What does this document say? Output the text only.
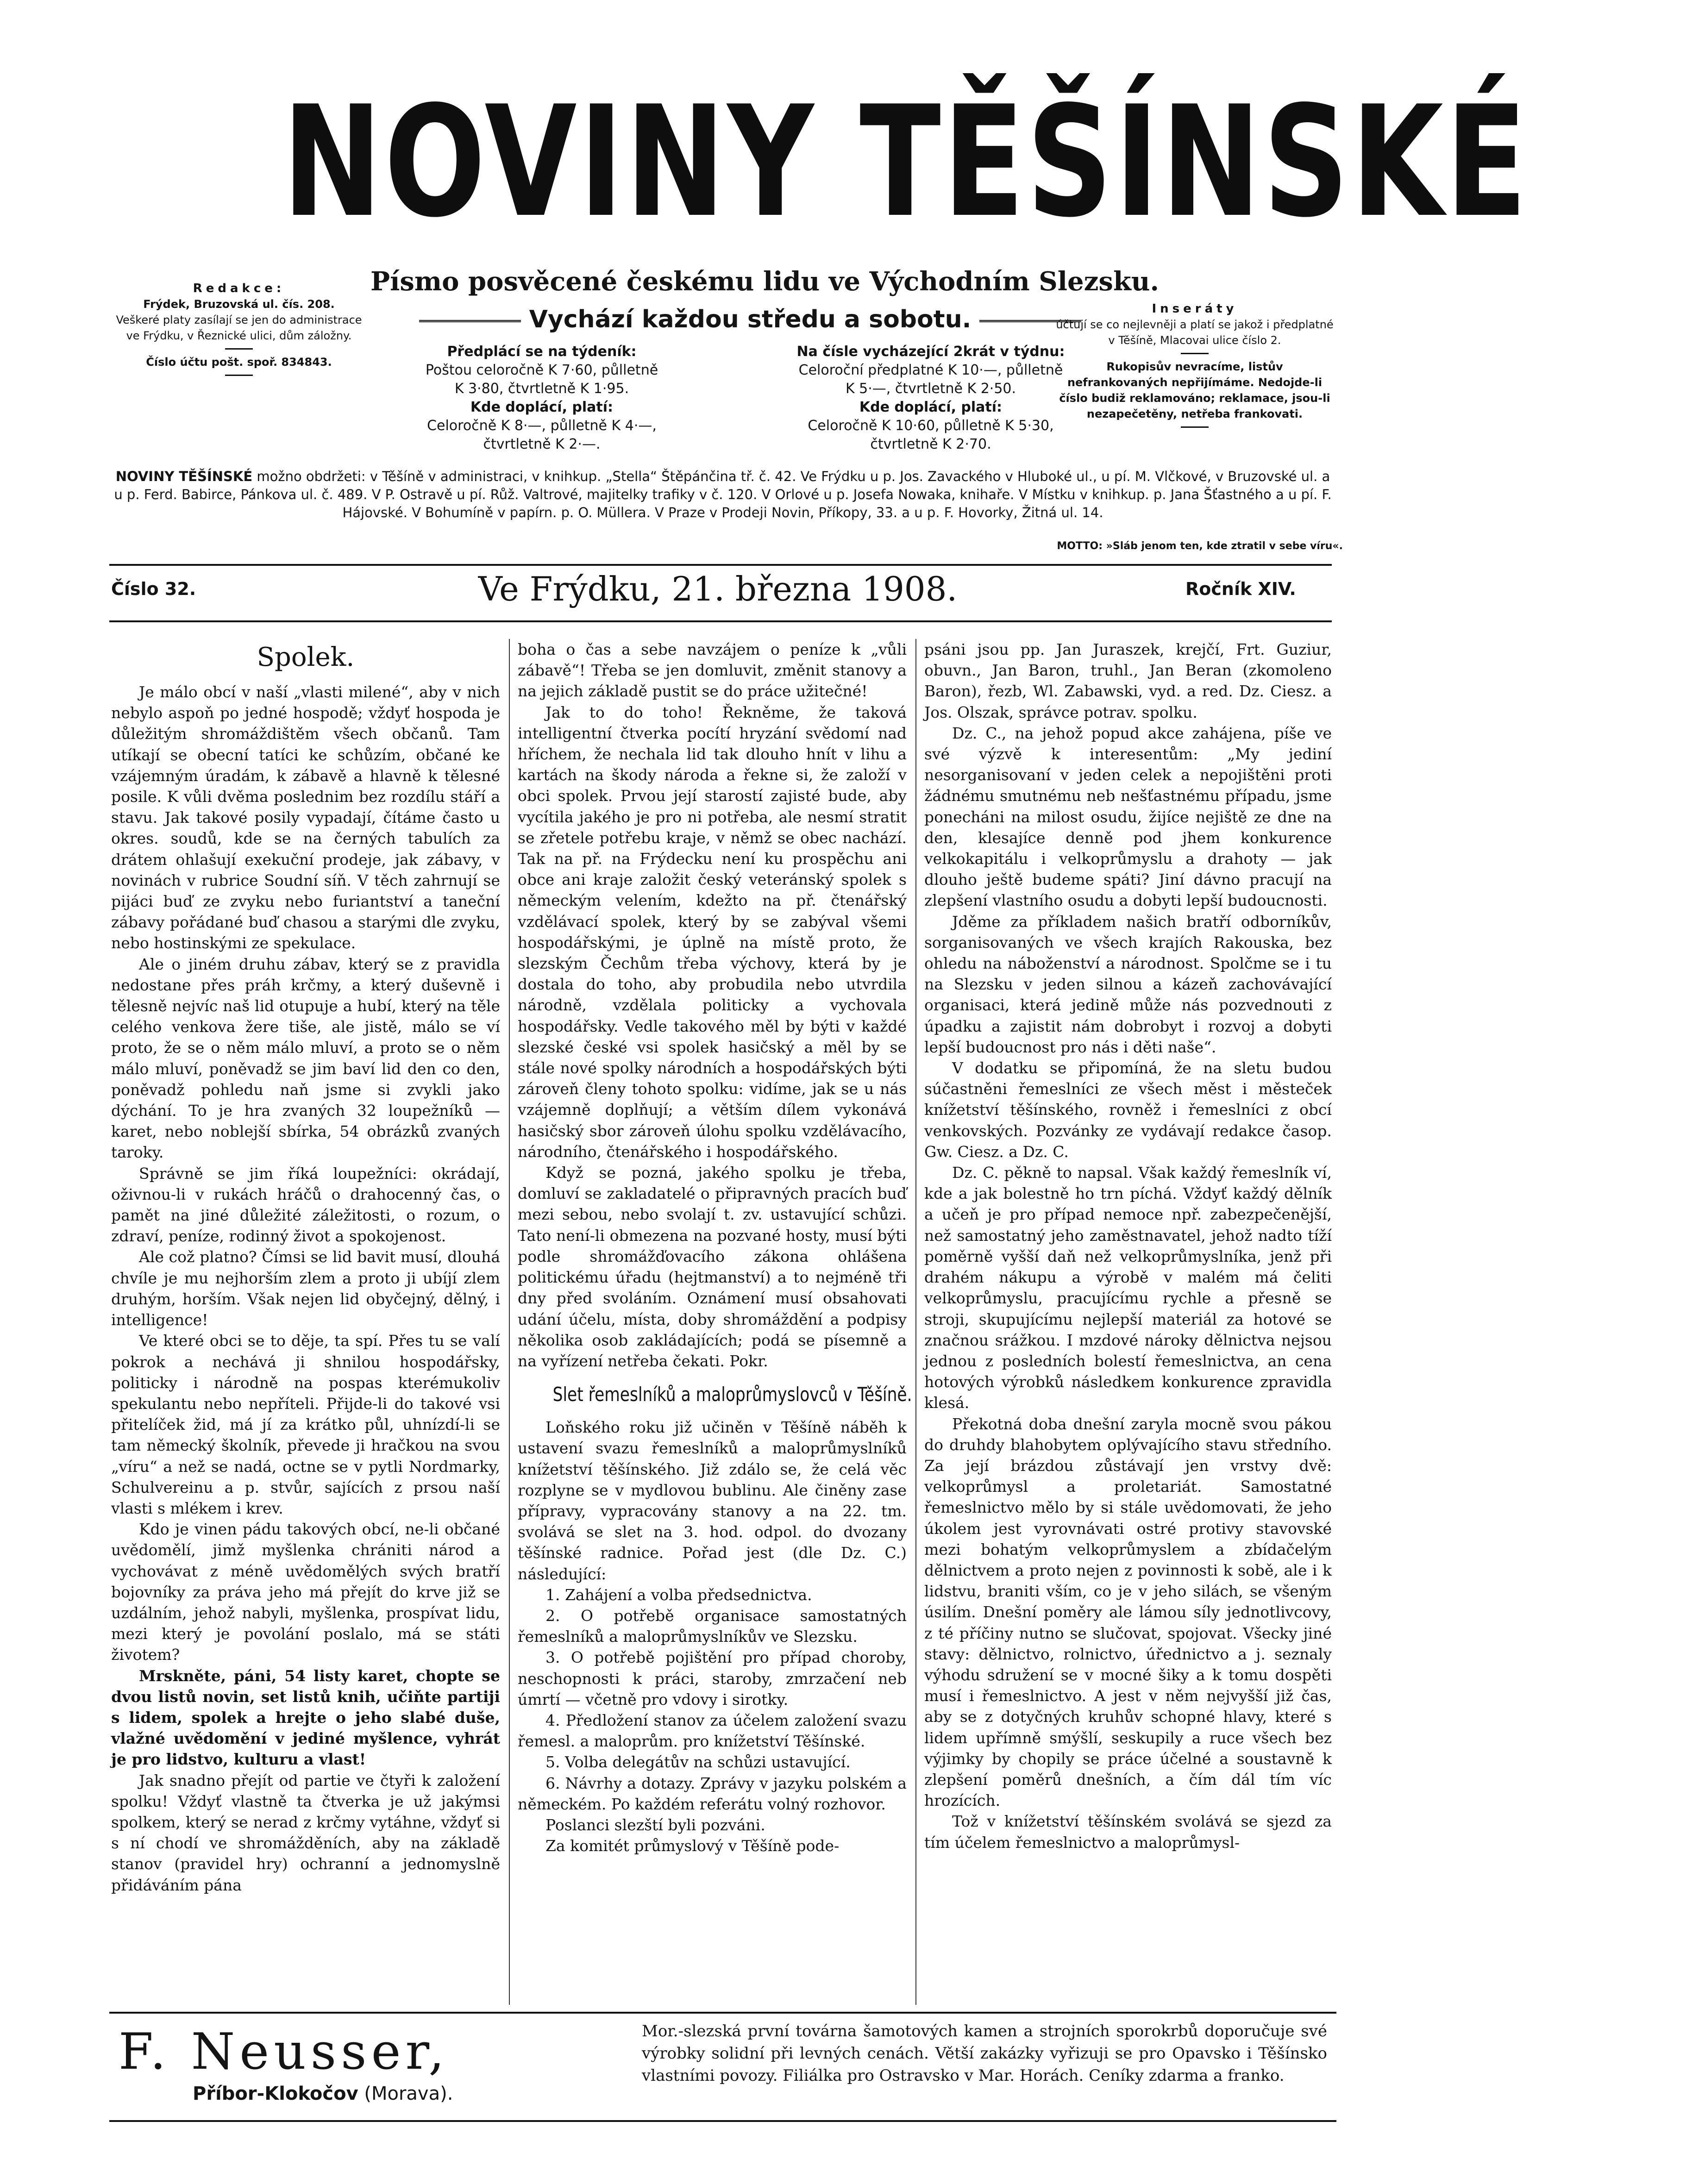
NOVINY TĚŠÍNSKÉ
Písmo posvěcené českému lidu ve Východním Slezsku.
Vychází každou středu a sobotu.
Redakce:
Frýdek, Bruzovská ul. čís. 208.
Veškeré platy zasílají se jen do administrace ve Frýdku, v Řeznické ulici, dům záložny.
Číslo účtu pošt. spoř. 834843.
Inseráty
účtují se co nejlevněji a platí se jakož i předplatné v Těšíně, Mlacovai ulice číslo 2.
Rukopisův nevracíme, listův nefrankovaných nepřijímáme. Nedojde-li číslo budiž reklamováno; reklamace, jsou-li nezapečetěny, netřeba frankovati.
Předplácí se na týdeník:
Poštou celoročně K 7·60, půlletně
K 3·80, čtvrtletně K 1·95.
Kde doplácí, platí:
Celoročně K 8·—, půlletně K 4·—,
čtvrtletně K 2·—.
Na čísle vycházející 2krát v týdnu:
Celoroční předplatné K 10·—, půlletně
K 5·—, čtvrtletně K 2·50.
Kde doplácí, platí:
Celoročně K 10·60, půlletně K 5·30,
čtvrtletně K 2·70.
NOVINY TĚŠÍNSKÉ možno obdržeti: v Těšíně v administraci, v knihkup. „Stella“ Štěpánčina tř. č. 42. Ve Frýdku u p. Jos. Zavackého v Hluboké ul., u pí. M. Vlčkové, v Bruzovské ul. a u p. Ferd. Babirce, Pánkova ul. č. 489. V P. Ostravě u pí. Růž. Valtrové, majitelky trafiky v č. 120. V Orlové u p. Josefa Nowaka, knihaře. V Místku v knihkup. p. Jana Šťastného a u pí. F. Hájovské. V Bohumíně v papírn. p. O. Müllera. V Praze v Prodeji Novin, Příkopy, 33. a u p. F. Hovorky, Žitná ul. 14.
MOTTO: »Sláb jenom ten, kde ztratil v sebe víru«.
Číslo 32.	Ve Frýdku, 21. března 1908.	Ročník XIV.
Spolek.

Je málo obcí v naší „vlasti milené“, aby v nich nebylo aspoň po jedné hospodě; vždyť hospoda je důležitým shromáždištěm všech občanů. Tam utíkají se obecní tatíci ke schůzím, občané ke vzájemným úradám, k zábavě a hlavně k tělesné posile. K vůli dvěma poslednim bez rozdílu stáří a stavu. Jak takové posily vypadají, čítáme často u okres. soudů, kde se na černých tabulích za drátem ohlašují exekuční prodeje, jak zábavy, v novinách v rubrice Soudní síň. V těch zahrnují se pijáci buď ze zvyku nebo furiantství a taneční zábavy pořádané buď chasou a starými dle zvyku, nebo hostinskými ze spekulace.

Ale o jiném druhu zábav, který se z pravidla nedostane přes práh krčmy, a který duševně i tělesně nejvíc naš lid otupuje a hubí, který na těle celého venkova žere tiše, ale jistě, málo se ví proto, že se o něm málo mluví, a proto se o něm málo mluví, poněvadž se jim baví lid den co den, poněvadž pohledu naň jsme si zvykli jako dýchání. To je hra zvaných 32 loupežníků — karet, nebo noblejší sbírka, 54 obrázků zvaných taroky.

Správně se jim říká loupežníci: okrádají, oživnou-li v rukách hráčů o drahocenný čas, o pamět na jiné důležité záležitosti, o rozum, o zdraví, peníze, rodinný život a spokojenost.

Ale což platno? Čímsi se lid bavit musí, dlouhá chvíle je mu nejhorším zlem a proto ji ubíjí zlem druhým, horším. Však nejen lid obyčejný, dělný, i intelligence!

Ve které obci se to děje, ta spí. Přes tu se valí pokrok a nechává ji shnilou hospodářsky, politicky i národně na pospas kterémukoliv spekulantu nebo nepříteli. Přijde-li do takové vsi přitelíček žid, má jí za krátko půl, uhnízdí-li se tam německý školník, převede ji hračkou na svou „víru“ a než se nadá, octne se v pytli Nordmarky, Schulvereinu a p. stvůr, sajících z prsou naší vlasti s mlékem i krev.

Kdo je vinen pádu takových obcí, ne-li občané uvědomělí, jimž myšlenka chrániti národ a vychovávat z méně uvědomělých svých bratří bojovníky za práva jeho má přejít do krve již se uzdálním, jehož nabyli, myšlenka, prospívat lidu, mezi který je povolání poslalo, má se státi životem?

Mrskněte, páni, 54 listy karet, chopte se dvou listů novin, set listů knih, učiňte partiji s lidem, spolek a hrejte o jeho slabé duše, vlažné uvědomění v jediné myšlence, vyhrát je pro lidstvo, kulturu a vlast!

Jak snadno přejít od partie ve čtyři k založení spolku! Vždyť vlastně ta čtverka je už jakýmsi spolkem, který se nerad z krčmy vytáhne, vždyť si s ní chodí ve shromážděních, aby na základě stanov (pravidel hry) ochranní a jednomyslně přidáváním pána

boha o čas a sebe navzájem o peníze k „vůli zábavě“! Třeba se jen domluvit, změnit stanovy a na jejich základě pustit se do práce užitečné!

Jak to do toho! Řekněme, že taková intelligentní čtverka pocítí hryzání svědomí nad hříchem, že nechala lid tak dlouho hnít v lihu a kartách na škody národa a řekne si, že založí v obci spolek. Prvou její starostí zajisté bude, aby vycítila jakého je pro ni potřeba, ale nesmí stratit se zřetele potřebu kraje, v němž se obec nachází. Tak na př. na Frýdecku není ku prospěchu ani obce ani kraje založit český veteránský spolek s německým velením, kdežto na př. čtenářský vzdělávací spolek, který by se zabýval všemi hospodářskými, je úplně na místě proto, že slezským Čechům třeba výchovy, která by je dostala do toho, aby probudila nebo utvrdila národně, vzdělala politicky a vychovala hospodářsky. Vedle takového měl by býti v každé slezské české vsi spolek hasičský a měl by se stále nové spolky národních a hospodářských býti zároveň členy tohoto spolku: vidíme, jak se u nás vzájemně doplňují; a větším dílem vykonává hasičský sbor zároveň úlohu spolku vzdělávacího, národního, čtenářského i hospodářského.

Když se pozná, jakého spolku je třeba, domluví se zakladatelé o připravných pracích buď mezi sebou, nebo svolají t. zv. ustavující schůzi. Tato není-li obmezena na pozvané hosty, musí býti podle shromážďovacího zákona ohlášena politickému úřadu (hejtmanství) a to nejméně tři dny před svoláním. Oznámení musí obsahovati udání účelu, místa, doby shromáždění a podpisy několika osob zakládajících; podá se písemně a na vyřízení netřeba čekati. Pokr.

Slet řemeslníků a maloprůmyslovců v Těšíně.

Loňského roku již učiněn v Těšíně náběh k ustavení svazu řemeslníků a maloprůmyslníků knížetství těšínského. Již zdálo se, že celá věc rozplyne se v mydlovou bublinu. Ale činěny zase přípravy, vypracovány stanovy a na 22. tm. svolává se slet na 3. hod. odpol. do dvozany těšínské radnice. Pořad jest (dle Dz. C.) následující:

1. Zahájení a volba předsednictva.

2. O potřebě organisace samostatných řemeslníků a maloprůmyslníkův ve Slezsku.

3. O potřebě pojištění pro případ choroby, neschopnosti k práci, staroby, zmrzačení neb úmrtí — včetně pro vdovy i sirotky.

4. Předložení stanov za účelem založení svazu řemesl. a maloprům. pro knížetství Těšínské.

5. Volba delegátův na schůzi ustavující.

6. Návrhy a dotazy. Zprávy v jazyku polském a německém. Po každém referátu volný rozhovor.

Poslanci slezští byli pozváni.

Za komitét průmyslový v Těšíně pode-

psáni jsou pp. Jan Juraszek, krejčí, Frt. Guziur, obuvn., Jan Baron, truhl., Jan Beran (zkomoleno Baron), řezb, Wl. Zabawski, vyd. a red. Dz. Ciesz. a Jos. Olszak, správce potrav. spolku.

Dz. C., na jehož popud akce zahájena, píše ve své výzvě k interesentům: „My jediní nesorganisovaní v jeden celek a nepojištěni proti žádnému smutnému neb nešťastnému případu, jsme ponecháni na milost osudu, žijíce nejiště ze dne na den, klesajíce denně pod jhem konkurence velkokapitálu i velkoprůmyslu a drahoty — jak dlouho ještě budeme spáti? Jiní dávno pracují na zlepšení vlastního osudu a dobyti lepší budoucnosti.

Jděme za příkladem našich bratří odborníkův, sorganisovaných ve všech krajích Rakouska, bez ohledu na náboženství a národnost. Spolčme se i tu na Slezsku v jeden silnou a kázeň zachovávající organisaci, která jedině může nás pozvednouti z úpadku a zajistit nám dobrobyt i rozvoj a dobyti lepší budoucnost pro nás i děti naše“.

V dodatku se připomíná, že na sletu budou súčastněni řemeslníci ze všech měst i městeček knížetství těšínského, rovněž i řemeslníci z obcí venkovských. Pozvánky ze vydávají redakce časop. Gw. Ciesz. a Dz. C.

Dz. C. pěkně to napsal. Však každý řemeslník ví, kde a jak bolestně ho trn píchá. Vždyť každý dělník a učeň je pro případ nemoce npř. zabezpečenější, než samostatný jeho zaměstnavatel, jehož nadto tíží poměrně vyšší daň než velkoprůmyslníka, jenž při drahém nákupu a výrobě v malém má čeliti velkoprůmyslu, pracujícímu rychle a přesně se stroji, skupujícímu nejlepší materiál za hotové se značnou srážkou. I mzdové nároky dělnictva nejsou jednou z posledních bolestí řemeslnictva, an cena hotových výrobků následkem konkurence zpravidla klesá.

Překotná doba dnešní zaryla mocně svou pákou do druhdy blahobytem oplývajícího stavu středního. Za její brázdou zůstávají jen vrstvy dvě: velkoprůmysl a proletariát. Samostatné řemeslnictvo mělo by si stále uvědomovati, že jeho úkolem jest vyrovnávati ostré protivy stavovské mezi bohatým velkoprůmyslem a zbídačelým dělnictvem a proto nejen z povinnosti k sobě, ale i k lidstvu, braniti vším, co je v jeho silách, se všeným úsilím. Dnešní poměry ale lámou síly jednotlivcovy, z té příčiny nutno se slučovat, spojovat. Všecky jiné stavy: dělnictvo, rolnictvo, úřednictvo a j. seznaly výhodu sdružení se v mocné šiky a k tomu dospěti musí i řemeslnictvo. A jest v něm nejvyšší již čas, aby se z dotyčných kruhův schopné hlavy, které s lidem upřímně smýšlí, seskupily a ruce všech bez výjimky by chopily se práce účelné a soustavně k zlepšení poměrů dnešních, a čím dál tím víc hrozících.

Tož v knížetství těšínském svolává se sjezd za tím účelem řemeslnictvo a maloprůmysl-

F. Neusser,
Příbor-Klokočov (Morava).
Mor.-slezská první továrna šamotových kamen a strojních sporokrbů doporučuje své výrobky solidní při levných cenách. Větší zakázky vyřizuji se pro Opavsko i Těšínsko vlastními povozy. Filiálka pro Ostravsko v Mar. Horách. Ceníky zdarma a franko.
